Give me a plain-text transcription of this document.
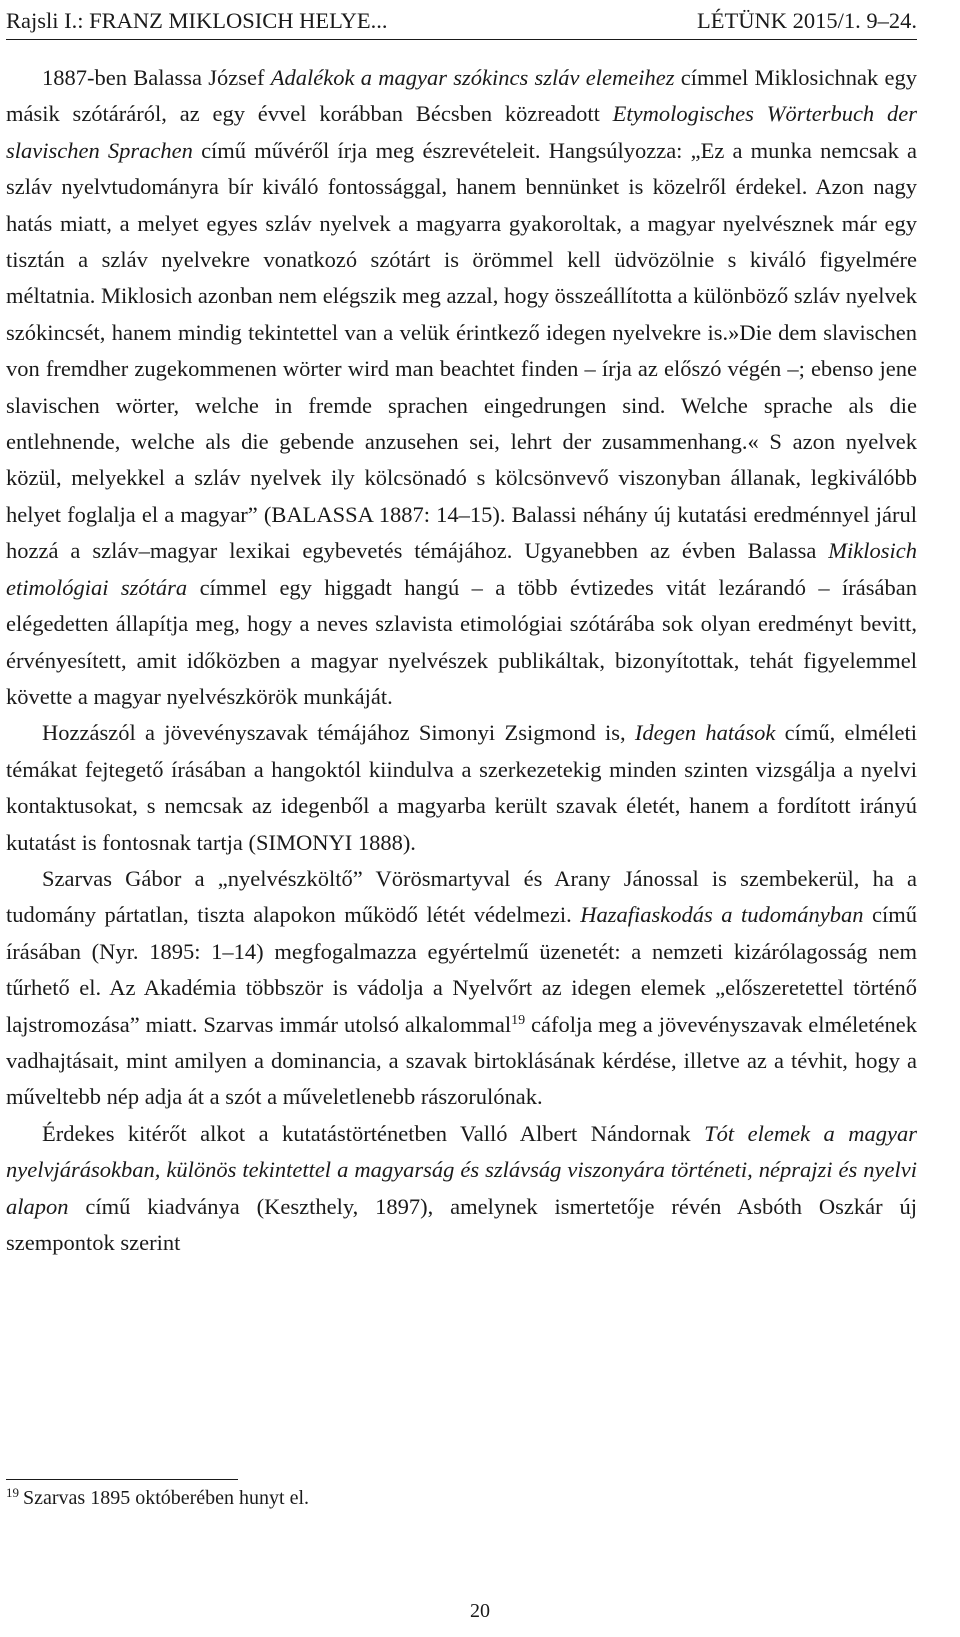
Rajsli I.: FRANZ MIKLOSICH HELYE...	LÉTÜNK 2015/1. 9–24.

1887-ben Balassa József Adalékok a magyar szókincs szláv elemeihez címmel Miklosichnak egy másik szótáráról, az egy évvel korábban Bécsben közreadott Etymologisches Wörterbuch der slavischen Sprachen című művéről írja meg észrevételeit. Hangsúlyozza: „Ez a munka nemcsak a szláv nyelvtudományra bír kiváló fontossággal, hanem bennünket is közelről érdekel. Azon nagy hatás miatt, a melyet egyes szláv nyelvek a magyarra gyakoroltak, a magyar nyelvésznek már egy tisztán a szláv nyelvekre vonatkozó szótárt is örömmel kell üdvözölnie s kiváló figyelmére méltatnia. Miklosich azonban nem elégszik meg azzal, hogy összeállította a különböző szláv nyelvek szókincsét, hanem mindig tekintettel van a velük érintkező idegen nyelvekre is.»Die dem slavischen von fremdher zugekommenen wörter wird man beachtet finden – írja az előszó végén –; ebenso jene slavischen wörter, welche in fremde sprachen eingedrungen sind. Welche sprache als die entlehnende, welche als die gebende anzusehen sei, lehrt der zusammenhang.« S azon nyelvek közül, melyekkel a szláv nyelvek ily kölcsönadó s kölcsönvevő viszonyban állanak, legkiválóbb helyet foglalja el a magyar” (BALASSA 1887: 14–15). Balassi néhány új kutatási eredménnyel járul hozzá a szláv–magyar lexikai egybevetés témájához. Ugyanebben az évben Balassa Miklosich etimológiai szótára címmel egy higgadt hangú – a több évtizedes vitát lezárandó – írásában elégedetten állapítja meg, hogy a neves szlavista etimológiai szótárába sok olyan eredményt bevitt, érvényesített, amit időközben a magyar nyelvészek publikáltak, bizonyítottak, tehát figyelemmel követte a magyar nyelvészkörök munkáját.

Hozzászól a jövevényszavak témájához Simonyi Zsigmond is, Idegen hatások című, elméleti témákat fejtegető írásában a hangoktól kiindulva a szerkezetekig minden szinten vizsgálja a nyelvi kontaktusokat, s nemcsak az idegenből a magyarba került szavak életét, hanem a fordított irányú kutatást is fontosnak tartja (SIMONYI 1888).

Szarvas Gábor a „nyelvészköltő” Vörösmartyval és Arany Jánossal is szembekerül, ha a tudomány pártatlan, tiszta alapokon működő létét védelmezi. Hazafiaskodás a tudományban című írásában (Nyr. 1895: 1–14) megfogalmazza egyértelmű üzenetét: a nemzeti kizárólagosság nem tűrhető el. Az Akadémia többször is vádolja a Nyelvőrt az idegen elemek „előszeretettel történő lajstromozása” miatt. Szarvas immár utolsó alkalommal$^{19}$ cáfolja meg a jövevényszavak elméletének vadhajtásait, mint amilyen a dominancia, a szavak birtoklásának kérdése, illetve az a tévhit, hogy a műveltebb nép adja át a szót a műveletlenebb rászorulónak.

Érdekes kitérőt alkot a kutatástörténetben Valló Albert Nándornak Tót elemek a magyar nyelvjárásokban, különös tekintettel a magyarság és szlávság viszonyára történeti, néprajzi és nyelvi alapon című kiadványa (Keszthely, 1897), amelynek ismertetője révén Asbóth Oszkár új szempontok szerint

$^{19}$ Szarvas 1895 októberében hunyt el.
20
